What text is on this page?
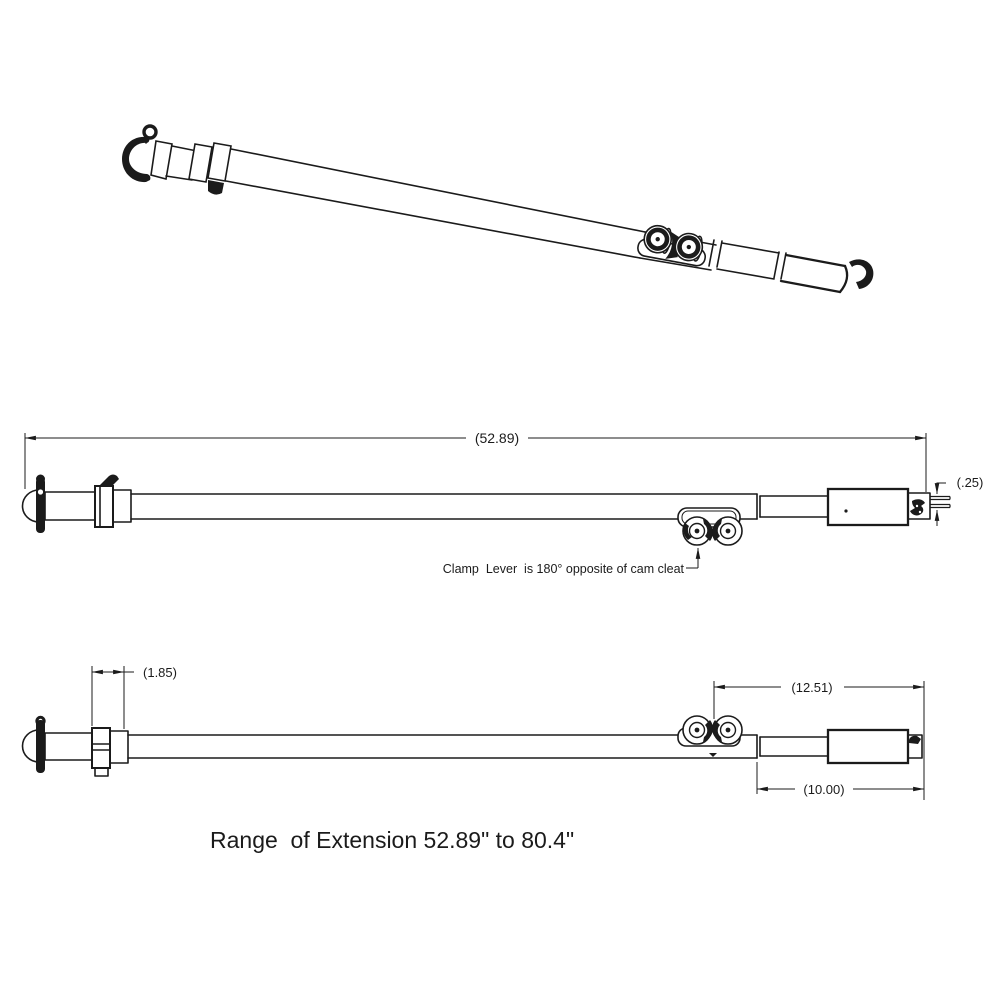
(52.89)
Clamp  Lever  is 180° opposite of cam cleat
(.25)
(1.85)
(12.51)
(10.00)
Range  of Extension 52.89" to 80.4"
